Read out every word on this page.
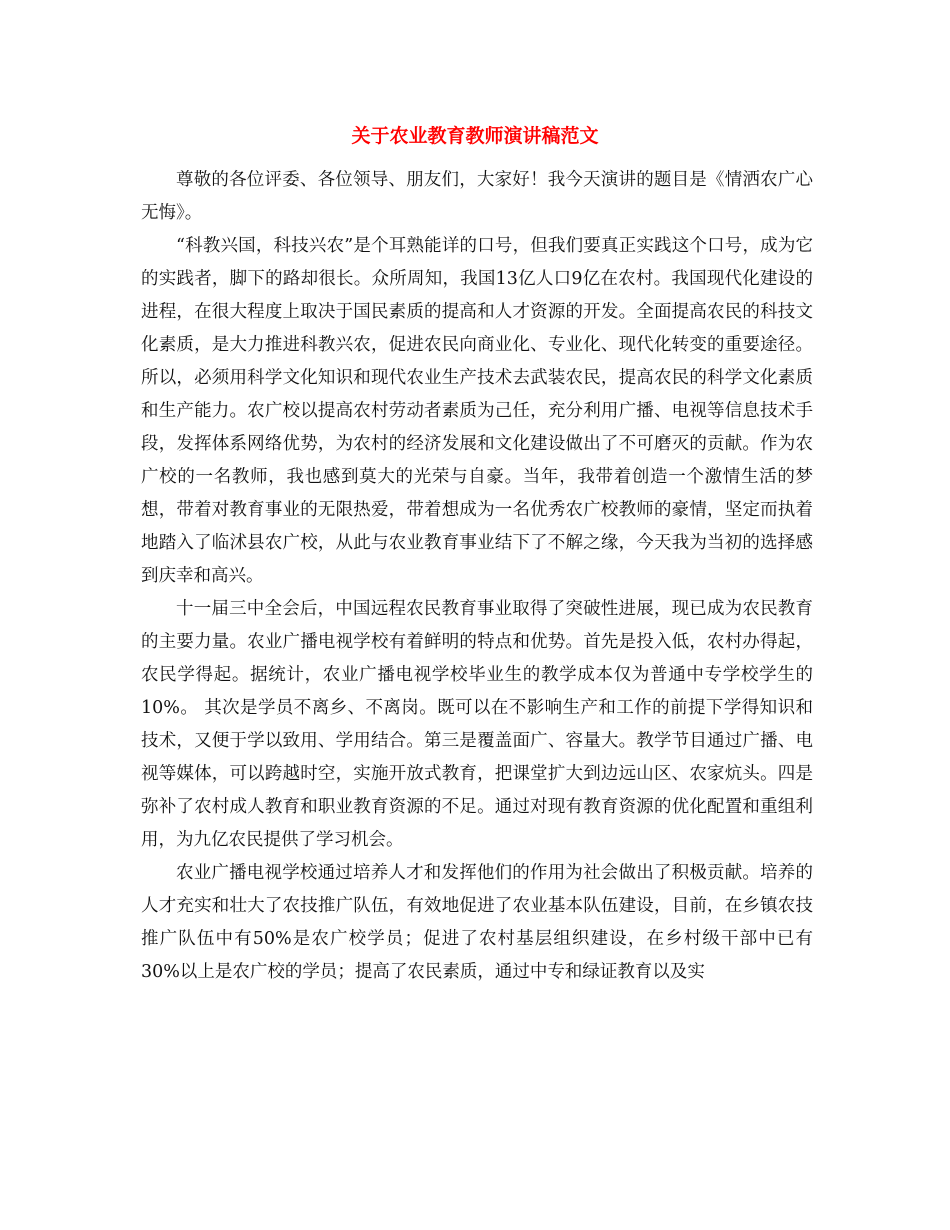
关于农业教育教师演讲稿范文

尊敬的各位评委、各位领导、朋友们，大家好！我今天演讲的题目是《情洒农广心无悔》。

“科教兴国，科技兴农”是个耳熟能详的口号，但我们要真正实践这个口号，成为它的实践者，脚下的路却很长。众所周知，我国13亿人口9亿在农村。我国现代化建设的进程，在很大程度上取决于国民素质的提高和人才资源的开发。全面提高农民的科技文化素质，是大力推进科教兴农，促进农民向商业化、专业化、现代化转变的重要途径。所以，必须用科学文化知识和现代农业生产技术去武装农民，提高农民的科学文化素质和生产能力。农广校以提高农村劳动者素质为己任，充分利用广播、电视等信息技术手段，发挥体系网络优势，为农村的经济发展和文化建设做出了不可磨灭的贡献。作为农广校的一名教师，我也感到莫大的光荣与自豪。当年，我带着创造一个激情生活的梦想，带着对教育事业的无限热爱，带着想成为一名优秀农广校教师的豪情，坚定而执着地踏入了临沭县农广校，从此与农业教育事业结下了不解之缘，今天我为当初的选择感到庆幸和高兴。

十一届三中全会后，中国远程农民教育事业取得了突破性进展，现已成为农民教育的主要力量。农业广播电视学校有着鲜明的特点和优势。首先是投入低，农村办得起，农民学得起。据统计，农业广播电视学校毕业生的教学成本仅为普通中专学校学生的10%。 其次是学员不离乡、不离岗。既可以在不影响生产和工作的前提下学得知识和技术，又便于学以致用、学用结合。第三是覆盖面广、容量大。教学节目通过广播、电视等媒体，可以跨越时空，实施开放式教育，把课堂扩大到边远山区、农家炕头。四是弥补了农村成人教育和职业教育资源的不足。通过对现有教育资源的优化配置和重组利用，为九亿农民提供了学习机会。

农业广播电视学校通过培养人才和发挥他们的作用为社会做出了积极贡献。培养的人才充实和壮大了农技推广队伍，有效地促进了农业基本队伍建设，目前，在乡镇农技推广队伍中有50%是农广校学员；促进了农村基层组织建设，在乡村级干部中已有30%以上是农广校的学员；提高了农民素质，通过中专和绿证教育以及实
